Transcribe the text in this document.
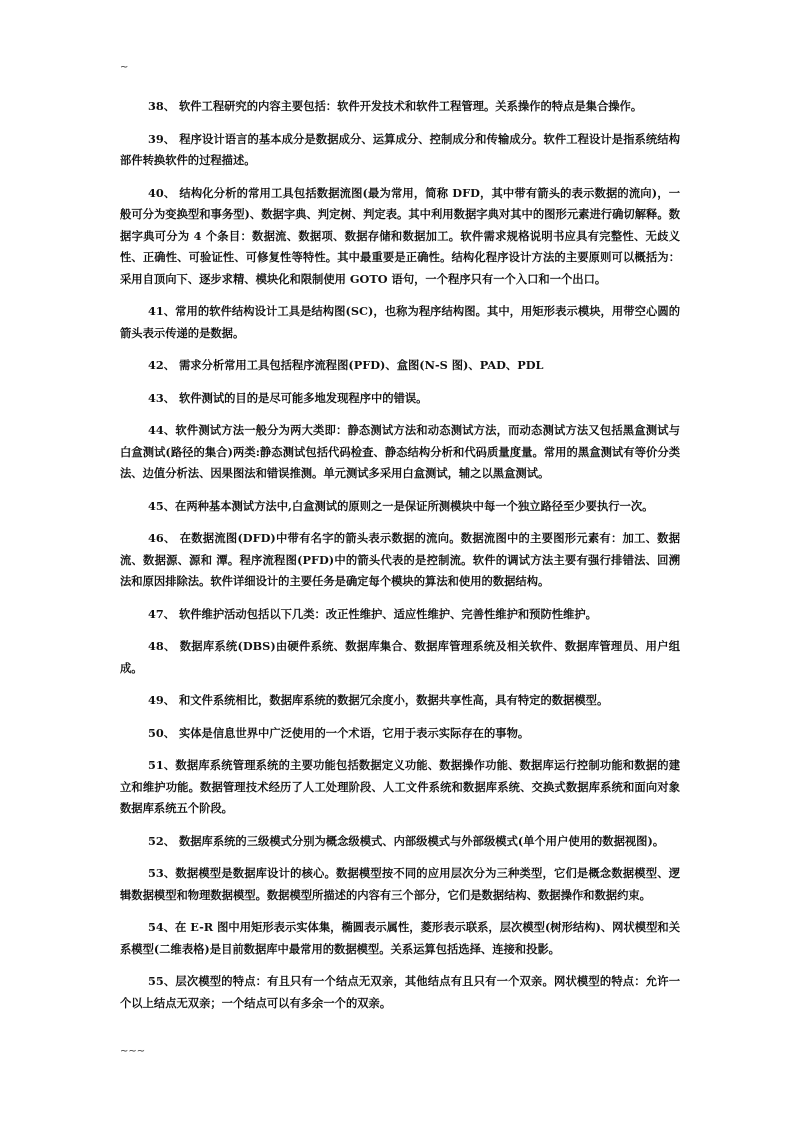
~

38、 软件工程研究的内容主要包括：软件开发技术和软件工程管理。关系操作的特点是集合操作。

39、 程序设计语言的基本成分是数据成分、运算成分、控制成分和传输成分。软件工程设计是指系统结构部件转换软件的过程描述。

40、 结构化分析的常用工具包括数据流图(最为常用，简称 DFD，其中带有箭头的表示数据的流向)，一般可分为变换型和事务型)、数据字典、判定树、判定表。其中利用数据字典对其中的图形元素进行确切解释。数据字典可分为 4 个条目：数据流、数据项、数据存储和数据加工。软件需求规格说明书应具有完整性、无歧义性、正确性、可验证性、可修复性等特性。其中最重要是正确性。结构化程序设计方法的主要原则可以概括为：采用自顶向下、逐步求精、模块化和限制使用 GOTO 语句，一个程序只有一个入口和一个出口。

41、常用的软件结构设计工具是结构图(SC)，也称为程序结构图。其中，用矩形表示模块，用带空心圆的箭头表示传递的是数据。

42、 需求分析常用工具包括程序流程图(PFD)、盒图(N-S 图)、PAD、PDL

43、 软件测试的目的是尽可能多地发现程序中的错误。

44、软件测试方法一般分为两大类即：静态测试方法和动态测试方法，而动态测试方法又包括黑盒测试与白盒测试(路径的集合)两类:静态测试包括代码检查、静态结构分析和代码质量度量。常用的黑盒测试有等价分类法、边值分析法、因果图法和错误推测。单元测试多采用白盒测试，辅之以黑盒测试。

45、在两种基本测试方法中,白盒测试的原则之一是保证所测模块中每一个独立路径至少要执行一次。

46、 在数据流图(DFD)中带有名字的箭头表示数据的流向。数据流图中的主要图形元素有：加工、数据流、数据源、源和 潭。程序流程图(PFD)中的箭头代表的是控制流。软件的调试方法主要有强行排错法、回溯法和原因排除法。软件详细设计的主要任务是确定每个模块的算法和使用的数据结构。

47、 软件维护活动包括以下几类：改正性维护、适应性维护、完善性维护和预防性维护。

48、 数据库系统(DBS)由硬件系统、数据库集合、数据库管理系统及相关软件、数据库管理员、用户组成。

49、 和文件系统相比，数据库系统的数据冗余度小，数据共享性高，具有特定的数据模型。

50、 实体是信息世界中广泛使用的一个术语，它用于表示实际存在的事物。

51、数据库系统管理系统的主要功能包括数据定义功能、数据操作功能、数据库运行控制功能和数据的建立和维护功能。数据管理技术经历了人工处理阶段、人工文件系统和数据库系统、交换式数据库系统和面向对象数据库系统五个阶段。

52、 数据库系统的三级模式分别为概念级模式、内部级模式与外部级模式(单个用户使用的数据视图)。

53、数据模型是数据库设计的核心。数据模型按不同的应用层次分为三种类型，它们是概念数据模型、逻辑数据模型和物理数据模型。数据模型所描述的内容有三个部分，它们是数据结构、数据操作和数据约束。

54、在 E-R 图中用矩形表示实体集，椭圆表示属性，菱形表示联系，层次模型(树形结构)、网状模型和关系模型(二维表格)是目前数据库中最常用的数据模型。关系运算包括选择、连接和投影。

55、层次模型的特点：有且只有一个结点无双亲，其他结点有且只有一个双亲。网状模型的特点：允许一个以上结点无双亲；一个结点可以有多余一个的双亲。

~~~
